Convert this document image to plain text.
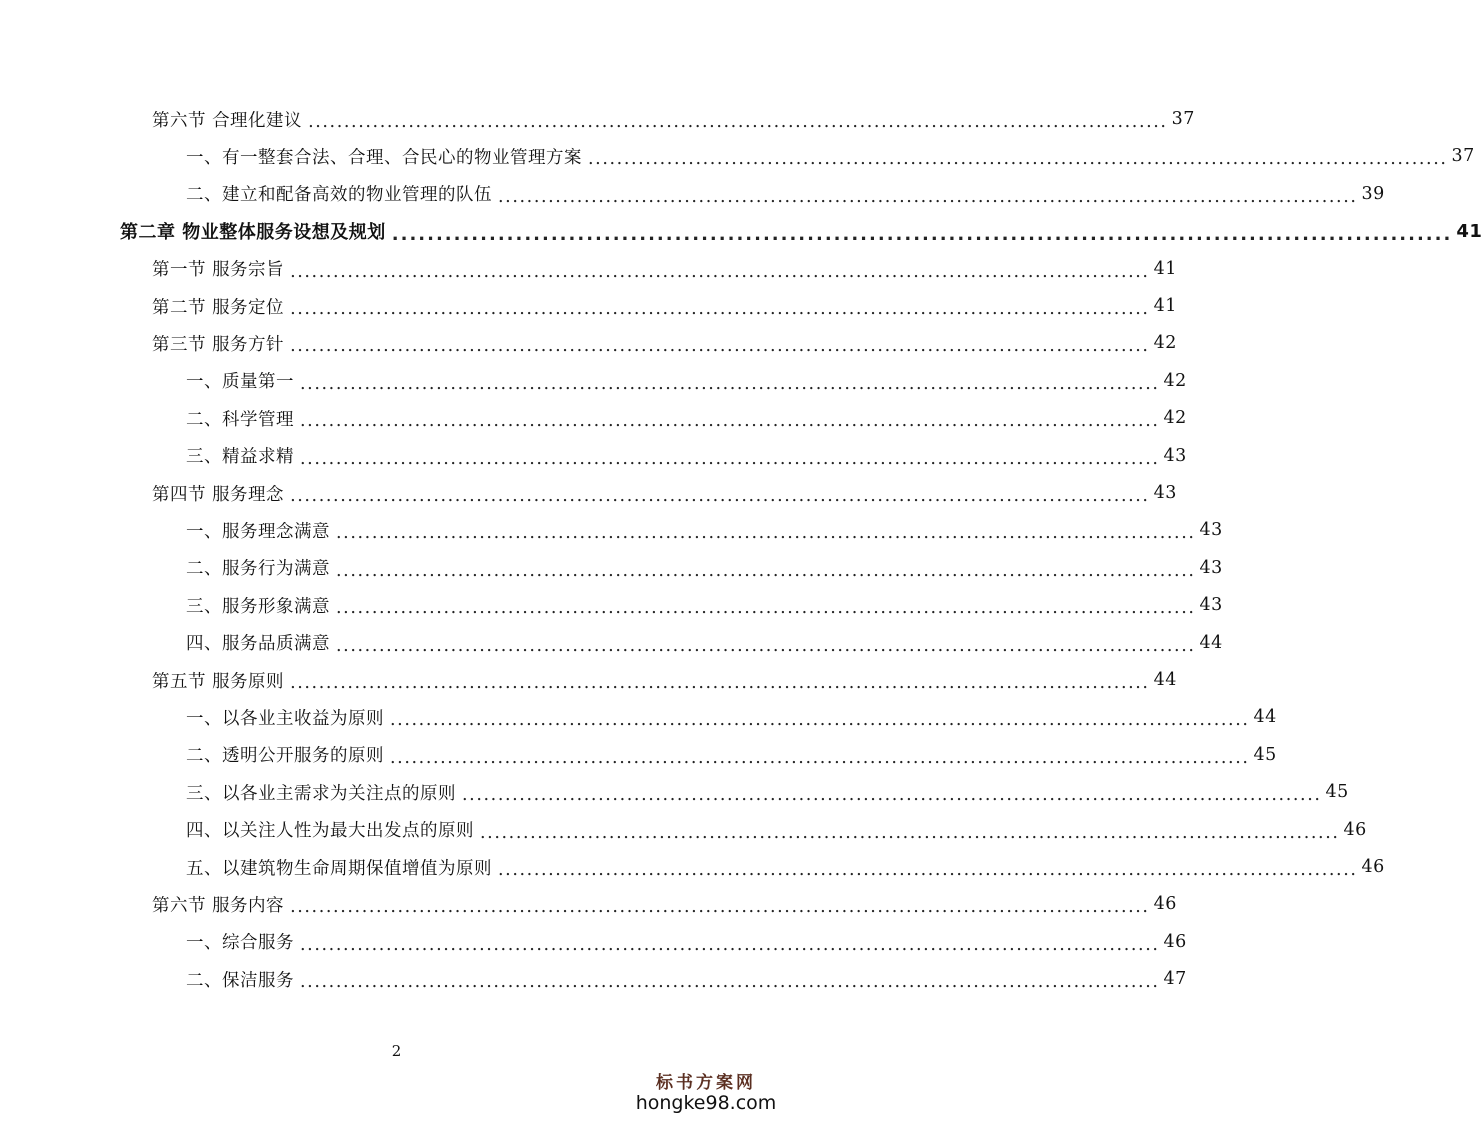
第六节 合理化建议 ........................................................................................................................ 37
一、有一整套合法、合理、合民心的物业管理方案 ........................................................................................................................ 37
二、建立和配备高效的物业管理的队伍 ........................................................................................................................ 39
第二章 物业整体服务设想及规划 ........................................................................................................................ 41
第一节 服务宗旨 ........................................................................................................................ 41
第二节 服务定位 ........................................................................................................................ 41
第三节 服务方针 ........................................................................................................................ 42
一、质量第一 ........................................................................................................................ 42
二、科学管理 ........................................................................................................................ 42
三、精益求精 ........................................................................................................................ 43
第四节 服务理念 ........................................................................................................................ 43
一、服务理念满意 ........................................................................................................................ 43
二、服务行为满意 ........................................................................................................................ 43
三、服务形象满意 ........................................................................................................................ 43
四、服务品质满意 ........................................................................................................................ 44
第五节 服务原则 ........................................................................................................................ 44
一、以各业主收益为原则 ........................................................................................................................ 44
二、透明公开服务的原则 ........................................................................................................................ 45
三、以各业主需求为关注点的原则 ........................................................................................................................ 45
四、以关注人性为最大出发点的原则 ........................................................................................................................ 46
五、以建筑物生命周期保值增值为原则 ........................................................................................................................ 46
第六节 服务内容 ........................................................................................................................ 46
一、综合服务 ........................................................................................................................ 46
二、保洁服务 ........................................................................................................................ 47
2
标书方案网
hongke98.com
